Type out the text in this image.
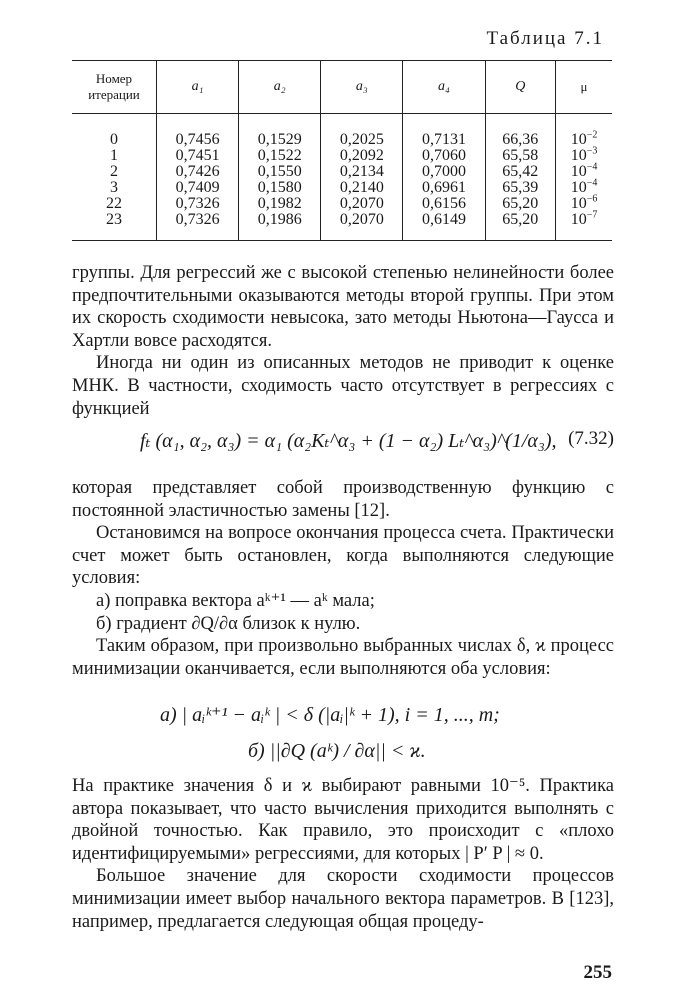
Таблица 7.1
Номер итерации	a₁	a₂	a₃	a₄	Q	μ
0	0,7456	0,1529	0,2025	0,7131	66,36	$10^{-2}$
1	0,7451	0,1522	0,2092	0,7060	65,58	$10^{-3}$
2	0,7426	0,1550	0,2134	0,7000	65,42	$10^{-4}$
3	0,7409	0,1580	0,2140	0,6961	65,39	$10^{-4}$
22	0,7326	0,1982	0,2070	0,6156	65,20	$10^{-6}$
23	0,7326	0,1986	0,2070	0,6149	65,20	$10^{-7}$

группы. Для регрессий же с высокой степенью нелинейности более предпочтительными оказываются методы второй группы. При этом их скорость сходимости невысока, зато методы Ньютона—Гаусса и Хартли вовсе расходятся.

Иногда ни один из описанных методов не приводит к оценке МНК. В частности, сходимость часто отсутствует в регрессиях с функцией

fₜ (α₁, α₂, α₃) = α₁ (α₂Kₜ^α₃ + (1 − α₂) Lₜ^α₃)^(1/α₃), (7.32)

которая представляет собой производственную функцию с постоянной эластичностью замены [12].

Остановимся на вопросе окончания процесса счета. Практически счет может быть остановлен, когда выполняются следующие условия:

а) поправка вектора aᵏ⁺¹ — aᵏ мала;

б) градиент ∂Q/∂α близок к нулю.

Таким образом, при произвольно выбранных числах δ, ϰ процесс минимизации оканчивается, если выполняются оба условия:

а) | aᵢᵏ⁺¹ − aᵢᵏ | < δ (|aᵢ|ᵏ + 1), i = 1, ..., m;
б) ||∂Q (aᵏ) / ∂α|| < ϰ.

На практике значения δ и ϰ выбирают равными 10⁻⁵. Практика автора показывает, что часто вычисления приходится выполнять с двойной точностью. Как правило, это происходит с «плохо идентифицируемыми» регрессиями, для которых | P′ P | ≈ 0.

Большое значение для скорости сходимости процессов минимизации имеет выбор начального вектора параметров. В [123], например, предлагается следующая общая процеду-

255
